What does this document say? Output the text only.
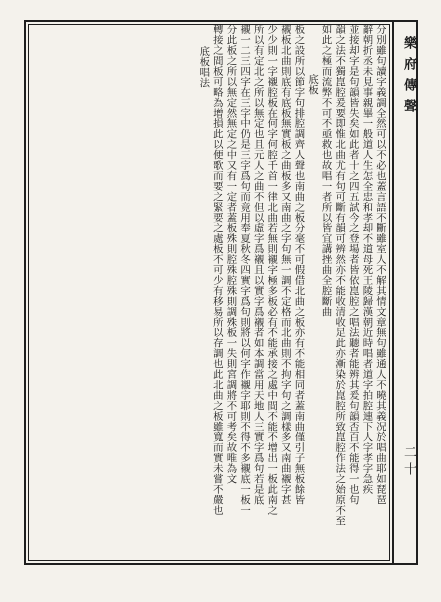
樂府傳聲
二十
分別雖句讀字義調全然可以不必也蓋言語不斷雖室人不解其情文章無句雖通人不曉其義况於唱曲耶如琵琶
辭朝折丞未見事親畢一般道人生怎全忠和孝却不道母死王陵歸漢朝近時唱者道字拍腔連下人字孝字急疾
並接却字是句韻皆失矣如此者十之四五試今之登場者皆依崑腔之唱法聽者能辨其爰句韻否百不能得一也句
韻之法不獨崑腔爰要即惟北曲尤有句可斷有韻可辨然亦不能收清收足此亦漸染於崑腔所致崑腔作法之始原不至
如此之極而流弊不可不亟救也故唱一者所以皆宜講挫曲全腔斷曲
底板
板之設所以節字句排腔調齊人聲也南曲之板分毫不可假借北曲之板亦有不能相同者蓋南曲僅引子無板餘皆
襯板北曲則底有底板無實板之曲板多又南曲之字句無一調不定格而北曲則不拘字句之調樣多又南曲襯字甚
少少則一字襯腔板在何字何腔千首一律北曲若無則襯字極多板必有不能承接之處中間不能不增出一板此南之
所以有定北之所以無定也且元人之曲不但以虛字爲襯且以實字爲襯者如本調當用天地人三實字爲句若是底
襯一二三四字在三字中仍是三字爲句而竟用奉夏秋冬四實字爲句則將以何字作襯字耶則不得不多襯底一板一
分此板之所以無定然無定之中又有一定者蓋板殊則腔殊腔殊則調殊板一失則宮調將不可考矣故唯為文
轉接之間板可略為增損此以便歌而要之緊要之處板不可少有移易所以存調也此北曲之板雖寬而實未嘗不嚴也
底板唱法
